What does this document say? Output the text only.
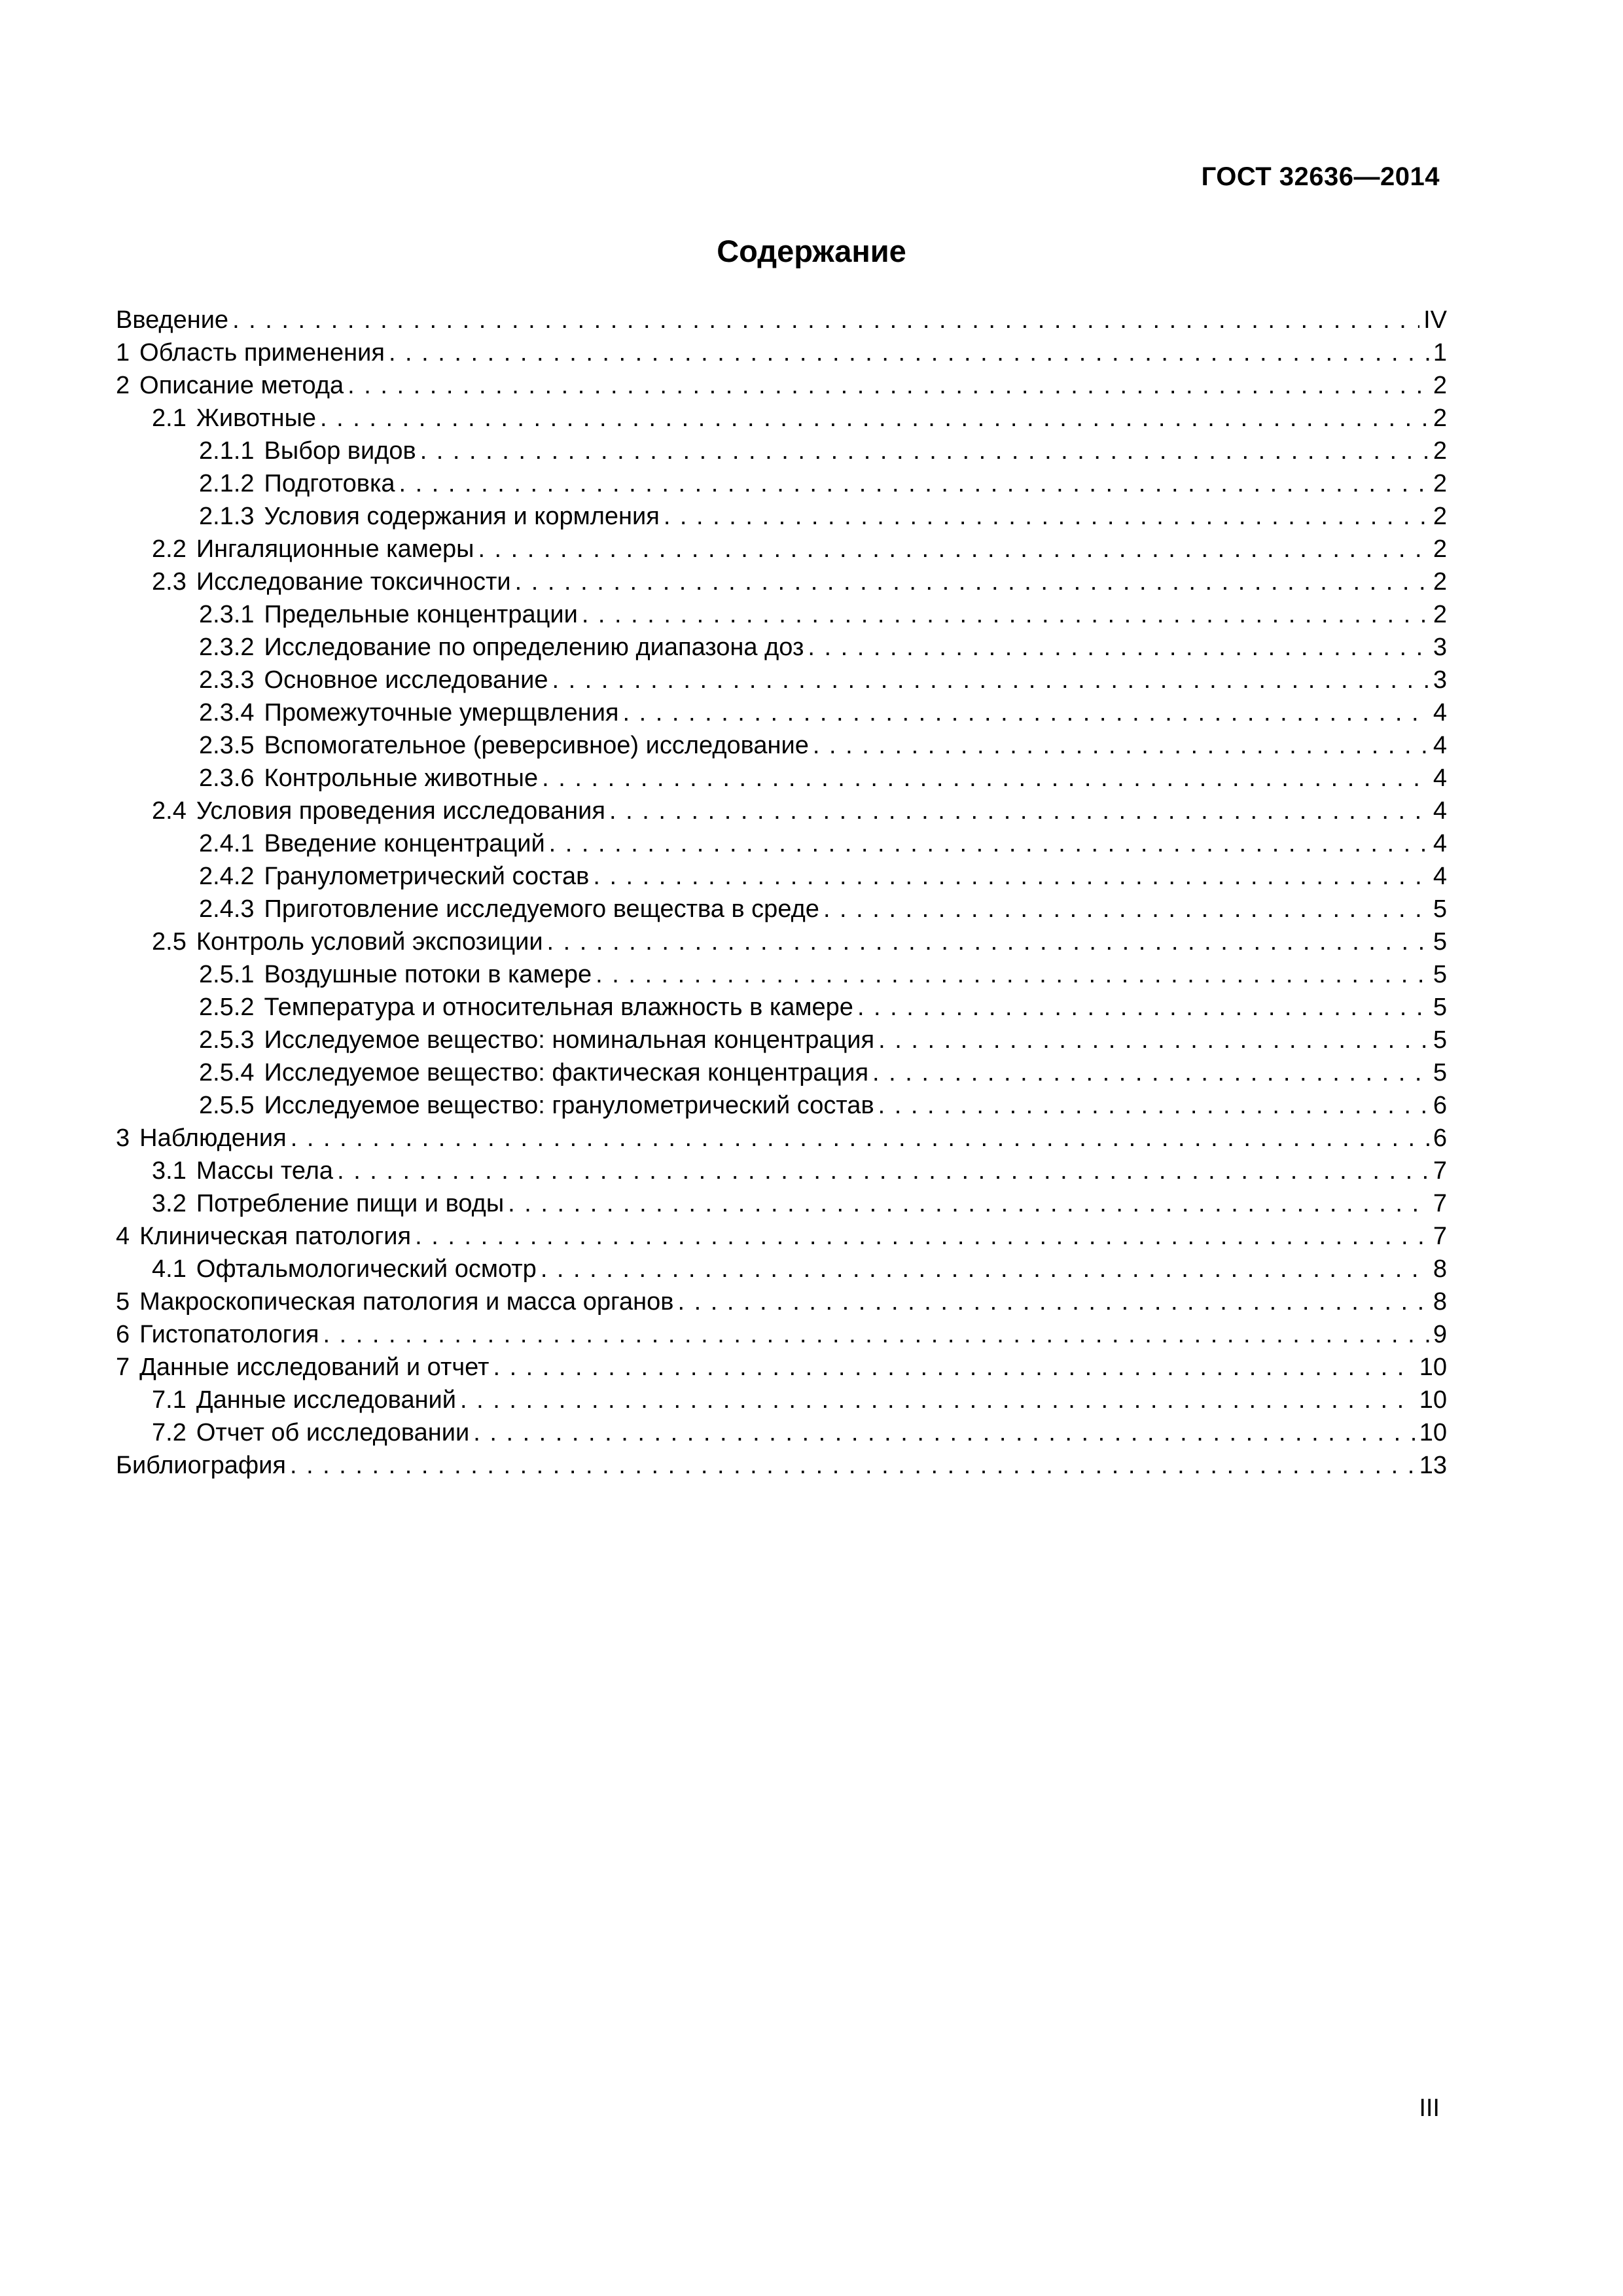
ГОСТ 32636—2014
Содержание
Введение . . .	IV
1 Область применения . . .	1
2 Описание метода . . .	2
2.1 Животные . . .	2
2.1.1 Выбор видов . . .	2
2.1.2 Подготовка . . .	2
2.1.3 Условия содержания и кормления . . .	2
2.2 Ингаляционные камеры . . .	2
2.3 Исследование токсичности . . .	2
2.3.1 Предельные концентрации . . .	2
2.3.2 Исследование по определению диапазона доз . . .	3
2.3.3 Основное исследование . . .	3
2.3.4 Промежуточные умерщвления . . .	4
2.3.5 Вспомогательное (реверсивное) исследование . . .	4
2.3.6 Контрольные животные . . .	4
2.4 Условия проведения исследования . . .	4
2.4.1 Введение концентраций . . .	4
2.4.2 Гранулометрический состав . . .	4
2.4.3 Приготовление исследуемого вещества в среде . . .	5
2.5 Контроль условий экспозиции . . .	5
2.5.1 Воздушные потоки в камере . . .	5
2.5.2 Температура и относительная влажность в камере . . .	5
2.5.3 Исследуемое вещество: номинальная концентрация . . .	5
2.5.4 Исследуемое вещество: фактическая концентрация . . .	5
2.5.5 Исследуемое вещество: гранулометрический состав . . .	6
3 Наблюдения . . .	6
3.1 Массы тела . . .	7
3.2 Потребление пищи и воды . . .	7
4 Клиническая патология . . .	7
4.1 Офтальмологический осмотр . . .	8
5 Макроскопическая патология и масса органов . . .	8
6 Гистопатология . . .	9
7 Данные исследований и отчет . . .	10
7.1 Данные исследований . . .	10
7.2 Отчет об исследовании . . .	10
Библиография . . .	13
III
